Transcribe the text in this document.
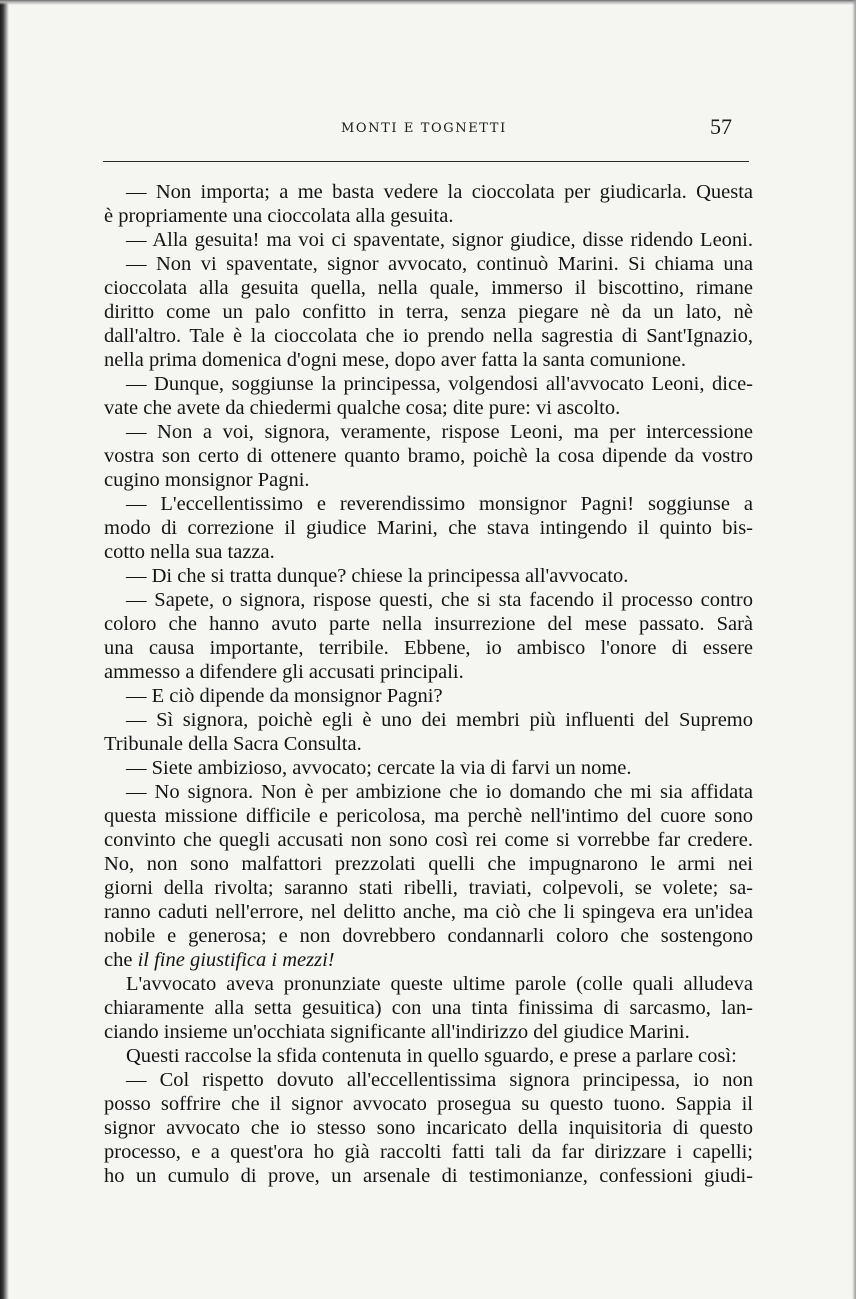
MONTI E TOGNETTI	57
— Non importa; a me basta vedere la cioccolata per giudicarla. Questa
è propriamente una cioccolata alla gesuita.
— Alla gesuita! ma voi ci spaventate, signor giudice, disse ridendo Leoni.
— Non vi spaventate, signor avvocato, continuò Marini. Si chiama una
cioccolata alla gesuita quella, nella quale, immerso il biscottino, rimane
diritto come un palo confitto in terra, senza piegare nè da un lato, nè
dall'altro. Tale è la cioccolata che io prendo nella sagrestia di Sant'Ignazio,
nella prima domenica d'ogni mese, dopo aver fatta la santa comunione.
— Dunque, soggiunse la principessa, volgendosi all'avvocato Leoni, dice-
vate che avete da chiedermi qualche cosa; dite pure: vi ascolto.
— Non a voi, signora, veramente, rispose Leoni, ma per intercessione
vostra son certo di ottenere quanto bramo, poichè la cosa dipende da vostro
cugino monsignor Pagni.
— L'eccellentissimo e reverendissimo monsignor Pagni! soggiunse a
modo di correzione il giudice Marini, che stava intingendo il quinto bis-
cotto nella sua tazza.
— Di che si tratta dunque? chiese la principessa all'avvocato.
— Sapete, o signora, rispose questi, che si sta facendo il processo contro
coloro che hanno avuto parte nella insurrezione del mese passato. Sarà
una causa importante, terribile. Ebbene, io ambisco l'onore di essere
ammesso a difendere gli accusati principali.
— E ciò dipende da monsignor Pagni?
— Sì signora, poichè egli è uno dei membri più influenti del Supremo
Tribunale della Sacra Consulta.
— Siete ambizioso, avvocato; cercate la via di farvi un nome.
— No signora. Non è per ambizione che io domando che mi sia affidata
questa missione difficile e pericolosa, ma perchè nell'intimo del cuore sono
convinto che quegli accusati non sono così rei come si vorrebbe far credere.
No, non sono malfattori prezzolati quelli che impugnarono le armi nei
giorni della rivolta; saranno stati ribelli, traviati, colpevoli, se volete; sa-
ranno caduti nell'errore, nel delitto anche, ma ciò che li spingeva era un'idea
nobile e generosa; e non dovrebbero condannarli coloro che sostengono
che il fine giustifica i mezzi!
L'avvocato aveva pronunziate queste ultime parole (colle quali alludeva
chiaramente alla setta gesuitica) con una tinta finissima di sarcasmo, lan-
ciando insieme un'occhiata significante all'indirizzo del giudice Marini.
Questi raccolse la sfida contenuta in quello sguardo, e prese a parlare così:
— Col rispetto dovuto all'eccellentissima signora principessa, io non
posso soffrire che il signor avvocato prosegua su questo tuono. Sappia il
signor avvocato che io stesso sono incaricato della inquisitoria di questo
processo, e a quest'ora ho già raccolti fatti tali da far dirizzare i capelli;
ho un cumulo di prove, un arsenale di testimonianze, confessioni giudi-
